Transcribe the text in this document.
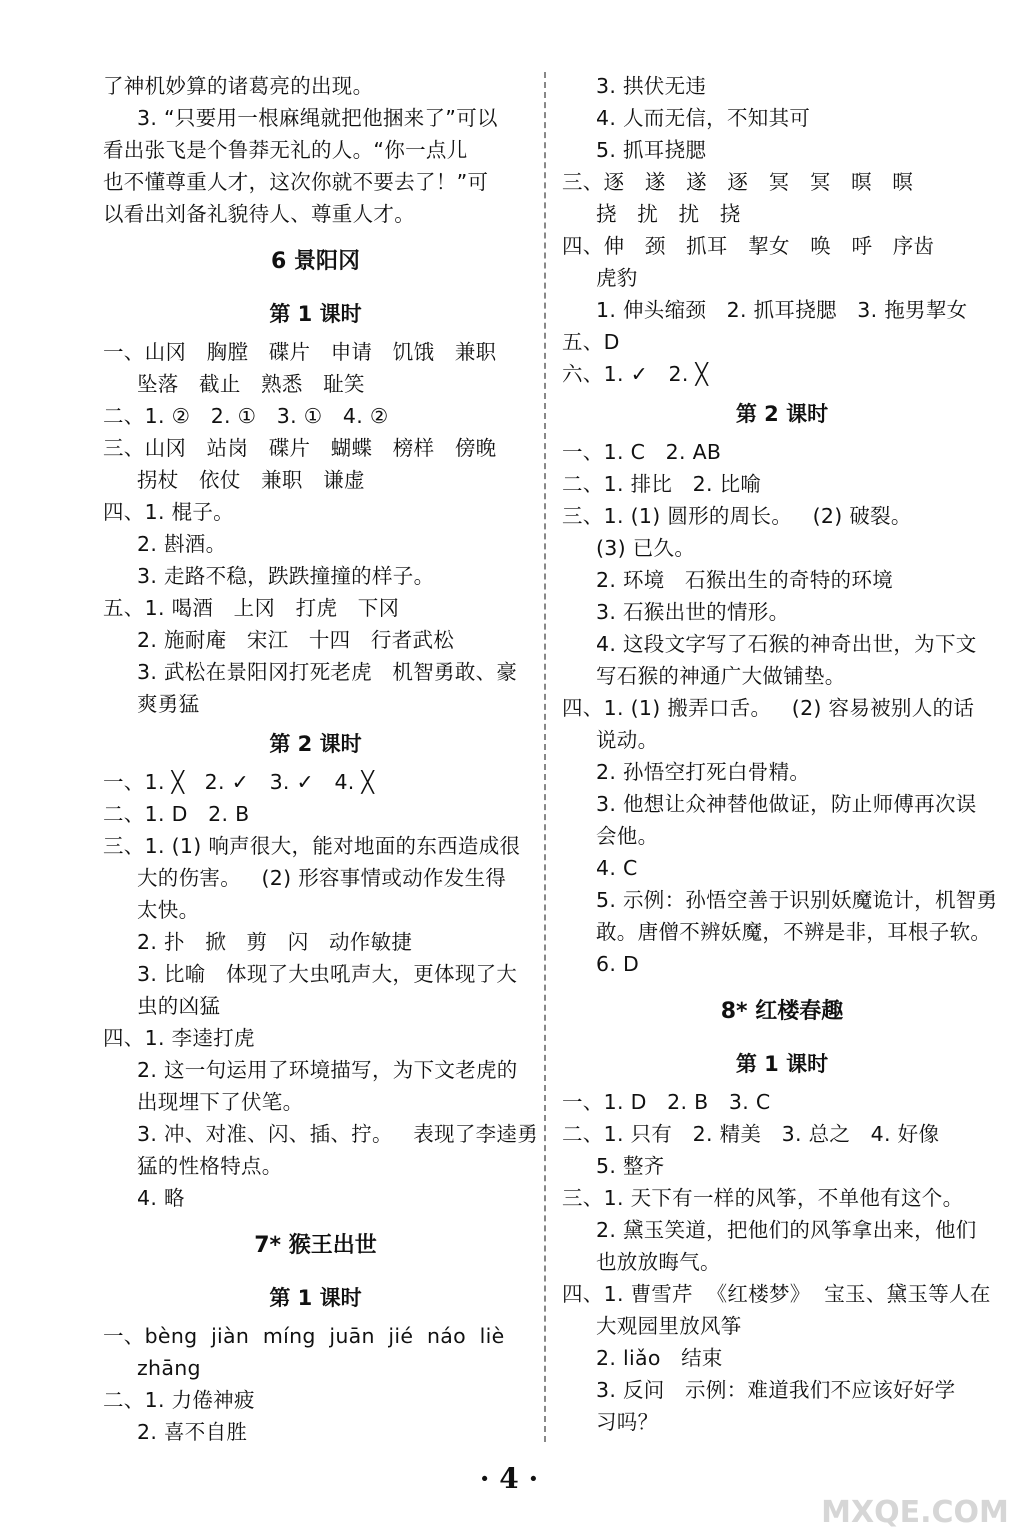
了神机妙算的诸葛亮的出现。
3. “只要用一根麻绳就把他捆来了”可以
看出张飞是个鲁莽无礼的人。“你一点儿
也不懂尊重人才，这次你就不要去了！”可
以看出刘备礼貌待人、尊重人才。
6 景阳冈
第 1 课时
一、山冈   胸膛   碟片   申请   饥饿   兼职
坠落   截止   熟悉   耻笑
二、1. ②   2. ①   3. ①   4. ②
三、山冈   站岗   碟片   蝴蝶   榜样   傍晚
拐杖   依仗   兼职   谦虚
四、1. 棍子。
2. 斟酒。
3. 走路不稳，跌跌撞撞的样子。
五、1. 喝酒   上冈   打虎   下冈
2. 施耐庵   宋江   十四   行者武松
3. 武松在景阳冈打死老虎   机智勇敢、豪
爽勇猛
第 2 课时
一、1. ╳   2. ✓   3. ✓   4. ╳
二、1. D   2. B
三、1. (1) 响声很大，能对地面的东西造成很
大的伤害。   (2) 形容事情或动作发生得
太快。
2. 扑   掀   剪   闪   动作敏捷
3. 比喻   体现了大虫吼声大，更体现了大
虫的凶猛
四、1. 李逵打虎
2. 这一句运用了环境描写，为下文老虎的
出现埋下了伏笔。
3. 冲、对准、闪、插、拧。   表现了李逵勇
猛的性格特点。
4. 略
7* 猴王出世
第 1 课时
一、bèng  jiàn  míng  juān  jié  náo  liè
zhāng
二、1. 力倦神疲
2. 喜不自胜
3. 拱伏无违
4. 人而无信，不知其可
5. 抓耳挠腮
三、逐   遂   遂   逐   冥   冥   暝   暝
挠   扰   扰   挠
四、伸   颈   抓耳   挈女   唤   呼   序齿
虎豹
1. 伸头缩颈   2. 抓耳挠腮   3. 拖男挈女
五、D
六、1. ✓   2. ╳
第 2 课时
一、1. C   2. AB
二、1. 排比   2. 比喻
三、1. (1) 圆形的周长。   (2) 破裂。
(3) 已久。
2. 环境   石猴出生的奇特的环境
3. 石猴出世的情形。
4. 这段文字写了石猴的神奇出世，为下文
写石猴的神通广大做铺垫。
四、1. (1) 搬弄口舌。   (2) 容易被别人的话
说动。
2. 孙悟空打死白骨精。
3. 他想让众神替他做证，防止师傅再次误
会他。
4. C
5. 示例：孙悟空善于识别妖魔诡计，机智勇
敢。唐僧不辨妖魔，不辨是非，耳根子软。
6. D
8* 红楼春趣
第 1 课时
一、1. D   2. B   3. C
二、1. 只有   2. 精美   3. 总之   4. 好像
5. 整齐
三、1. 天下有一样的风筝，不单他有这个。
2. 黛玉笑道，把他们的风筝拿出来，他们
也放放晦气。
四、1. 曹雪芹  《红楼梦》  宝玉、黛玉等人在
大观园里放风筝
2. liǎo   结束
3. 反问   示例：难道我们不应该好好学
习吗？
· 4 ·
MXQE.COM
